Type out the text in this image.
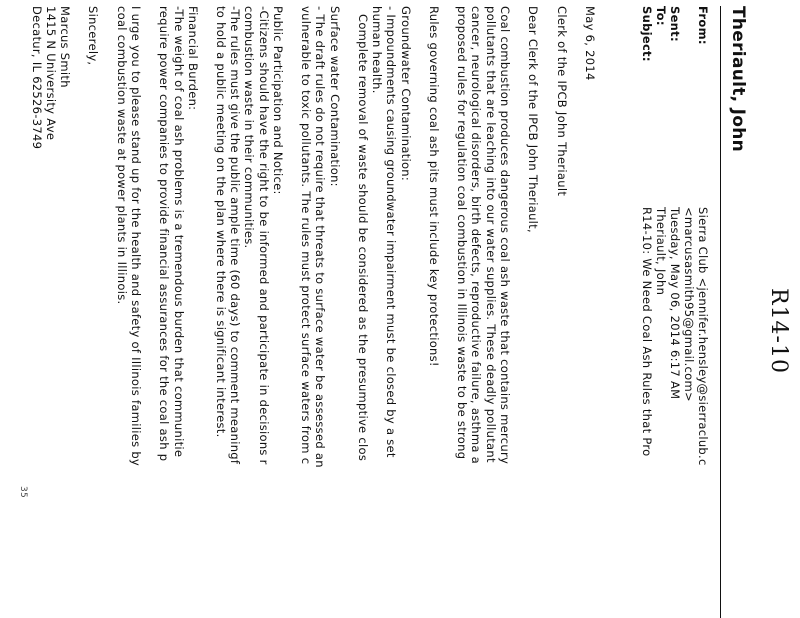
R14-10
Theriault, John
From:
Sierra Club <jennifer.hensley@sierraclub.c
<marcusasmith95@gmail.com>
Sent:
Tuesday, May 06, 2014 6:17 AM
To:
Theriault, John
Subject:
R14-10: We Need Coal Ash Rules that Pro
May 6, 2014
Clerk of the IPCB John Theriault
Dear Clerk of the IPCB John Theriault,
Coal combustion produces dangerous coal ash waste that contains mercury
pollutants that are leaching into our water supplies. These deadly pollutant
cancer, neurological disorders, birth defects, reproductive failure, asthma a
proposed rules for regulation coal combustion in Illinois waste to be strong
Rules governing coal ash pits must include key protections!
Groundwater Contamination:
- Impoundments causing groundwater impairment must be closed by a set
human health.
Complete removal of waste should be considered as the presumptive clos
Surface water Contamination:
- The draft rules do not require that threats to surface water be assessed an
vulnerable to toxic pollutants. The rules must protect surface waters from c
Public Participation and Notice:
-Citizens should have the right to be informed and participate in decisions r
combustion waste in their communities.
-The rules must give the public ample time (60 days) to comment meaningf
to hold a public meeting on the plan where there is significant interest.
Financial Burden:
-The weight of coal ash problems is a tremendous burden that communitie
require power companies to provide financial assurances for the coal ash p
I urge you to please stand up for the health and safety of Illinois families by
coal combustion waste at power plants in Illinois.
Sincerely,
Marcus Smith
1415 N University Ave
Decatur, IL 62526-3749
35
